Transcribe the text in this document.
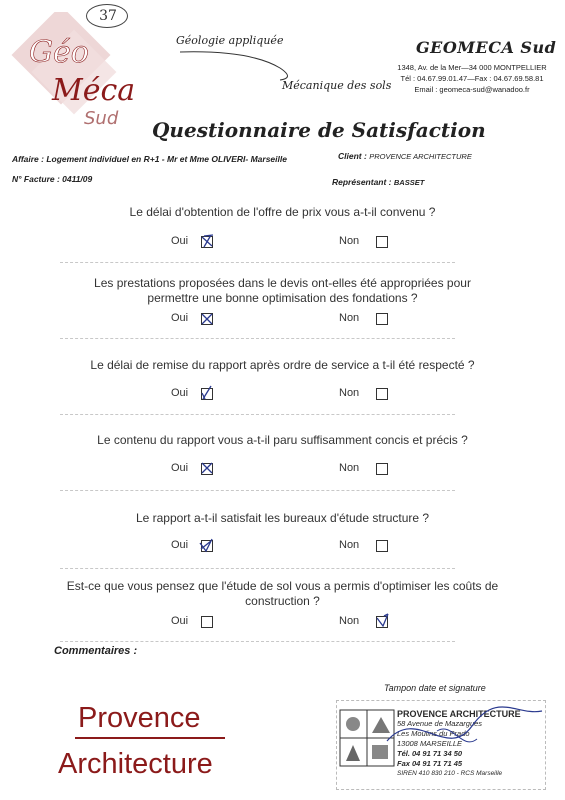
37
Géo
Méca
Sud
Géologie appliquée
Mécanique des sols
GEOMECA Sud
1348, Av. de la Mer—34 000 MONTPELLIER
Tél : 04.67.99.01.47—Fax : 04.67.69.58.81
Email : geomeca-sud@wanadoo.fr
Questionnaire de Satisfaction
Affaire : Logement individuel en R+1 - Mr et Mme OLIVERI- Marseille	Client : PROVENCE ARCHITECTURE
N° Facture : 0411/09	Représentant : BASSET
Le délai d'obtention de l'offre de prix vous a-t-il convenu ?
Oui	Non
Les prestations proposées dans le devis ont-elles été appropriées pour
permettre une bonne optimisation des fondations ?
Oui	Non
Le délai de remise du rapport après ordre de service a t-il été respecté ?
Oui	Non
Le contenu du rapport vous a-t-il paru suffisamment concis et précis ?
Oui	Non
Le rapport a-t-il satisfait les bureaux d'étude structure ?
Oui	Non
Est-ce que vous pensez que l'étude de sol vous a permis d'optimiser les coûts de
construction ?
Oui	Non
Commentaires :
Tampon date et signature
Provence
Architecture
PROVENCE ARCHITECTURE
58 Avenue de Mazargues
Les Moulins du Prado
13008 MARSEILLE
Tél. 04 91 71 34 50
Fax 04 91 71 71 45
SIREN 410 830 210 - RCS Marseille
